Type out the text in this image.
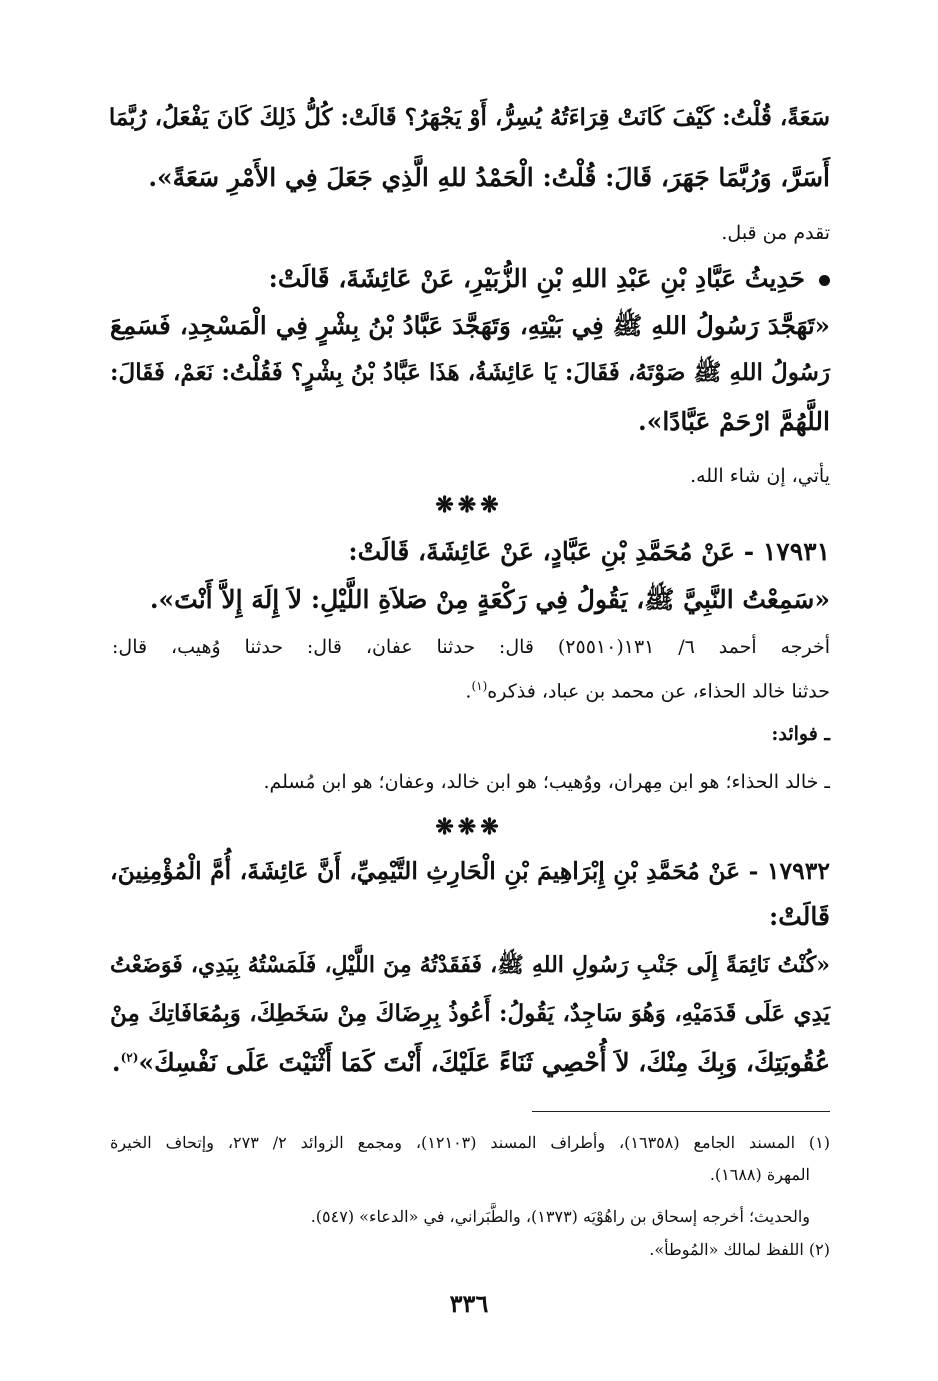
سَعَةً، قُلْتُ: كَيْفَ كَانَتْ قِرَاءَتُهُ يُسِرُّ، أَوْ يَجْهَرُ؟ قَالَتْ: كُلُّ ذَلِكَ كَانَ يَفْعَلُ، رُبَّمَا
أَسَرَّ، وَرُبَّمَا جَهَرَ، قَالَ: قُلْتُ: الْحَمْدُ للهِ الَّذِي جَعَلَ فِي الأَمْرِ سَعَةً».
تقدم من قبل.
حَدِيثُ عَبَّادِ بْنِ عَبْدِ اللهِ بْنِ الزُّبَيْرِ، عَنْ عَائِشَةَ، قَالَتْ:
«تَهَجَّدَ رَسُولُ اللهِ ﷺ فِي بَيْتِهِ، وَتَهَجَّدَ عَبَّادُ بْنُ بِشْرٍ فِي الْمَسْجِدِ، فَسَمِعَ
رَسُولُ اللهِ ﷺ صَوْتَهُ، فَقَالَ: يَا عَائِشَةُ، هَذَا عَبَّادُ بْنُ بِشْرٍ؟ فَقُلْتُ: نَعَمْ، فَقَالَ:
اللَّهُمَّ ارْحَمْ عَبَّادًا».
يأتي، إن شاء الله.
❋❋❋
١٧٩٣١ - عَنْ مُحَمَّدِ بْنِ عَبَّادٍ، عَنْ عَائِشَةَ، قَالَتْ:
«سَمِعْتُ النَّبِيَّ ﷺ، يَقُولُ فِي رَكْعَةٍ مِنْ صَلاَةِ اللَّيْلِ: لاَ إِلَهَ إِلاَّ أَنْتَ».
أخرجه أحمد ٦/ ١٣١(٢٥٥١٠) قال: حدثنا عفان، قال: حدثنا وُهيب، قال:
حدثنا خالد الحذاء، عن محمد بن عباد، فذكره$^{(١)}$.
ـ فوائد:
ـ خالد الحذاء؛ هو ابن مِهران، ووُهيب؛ هو ابن خالد، وعفان؛ هو ابن مُسلم.
❋❋❋
١٧٩٣٢ - عَنْ مُحَمَّدِ بْنِ إِبْرَاهِيمَ بْنِ الْحَارِثِ التَّيْمِيِّ، أَنَّ عَائِشَةَ، أُمَّ الْمُؤْمِنِينَ،
قَالَتْ:
«كُنْتُ نَائِمَةً إِلَى جَنْبِ رَسُولِ اللهِ ﷺ، فَفَقَدْتُهُ مِنَ اللَّيْلِ، فَلَمَسْتُهُ بِيَدِي، فَوَضَعْتُ
يَدِي عَلَى قَدَمَيْهِ، وَهُوَ سَاجِدٌ، يَقُولُ: أَعُوذُ بِرِضَاكَ مِنْ سَخَطِكَ، وَبِمُعَافَاتِكَ مِنْ
عُقُوبَتِكَ، وَبِكَ مِنْكَ، لاَ أُحْصِي ثَنَاءً عَلَيْكَ، أَنْتَ كَمَا أَثْنَيْتَ عَلَى نَفْسِكَ»$^{(٢)}$.
(١) المسند الجامع (١٦٣٥٨)، وأطراف المسند (١٢١٠٣)، ومجمع الزوائد ٢/ ٢٧٣، وإتحاف الخيرة
المهرة (١٦٨٨).
والحديث؛ أخرجه إسحاق بن راهُوْيَه (١٣٧٣)، والطَّبَراني، في «الدعاء» (٥٤٧).
(٢) اللفظ لمالك «المُوطأ».
٣٣٦
